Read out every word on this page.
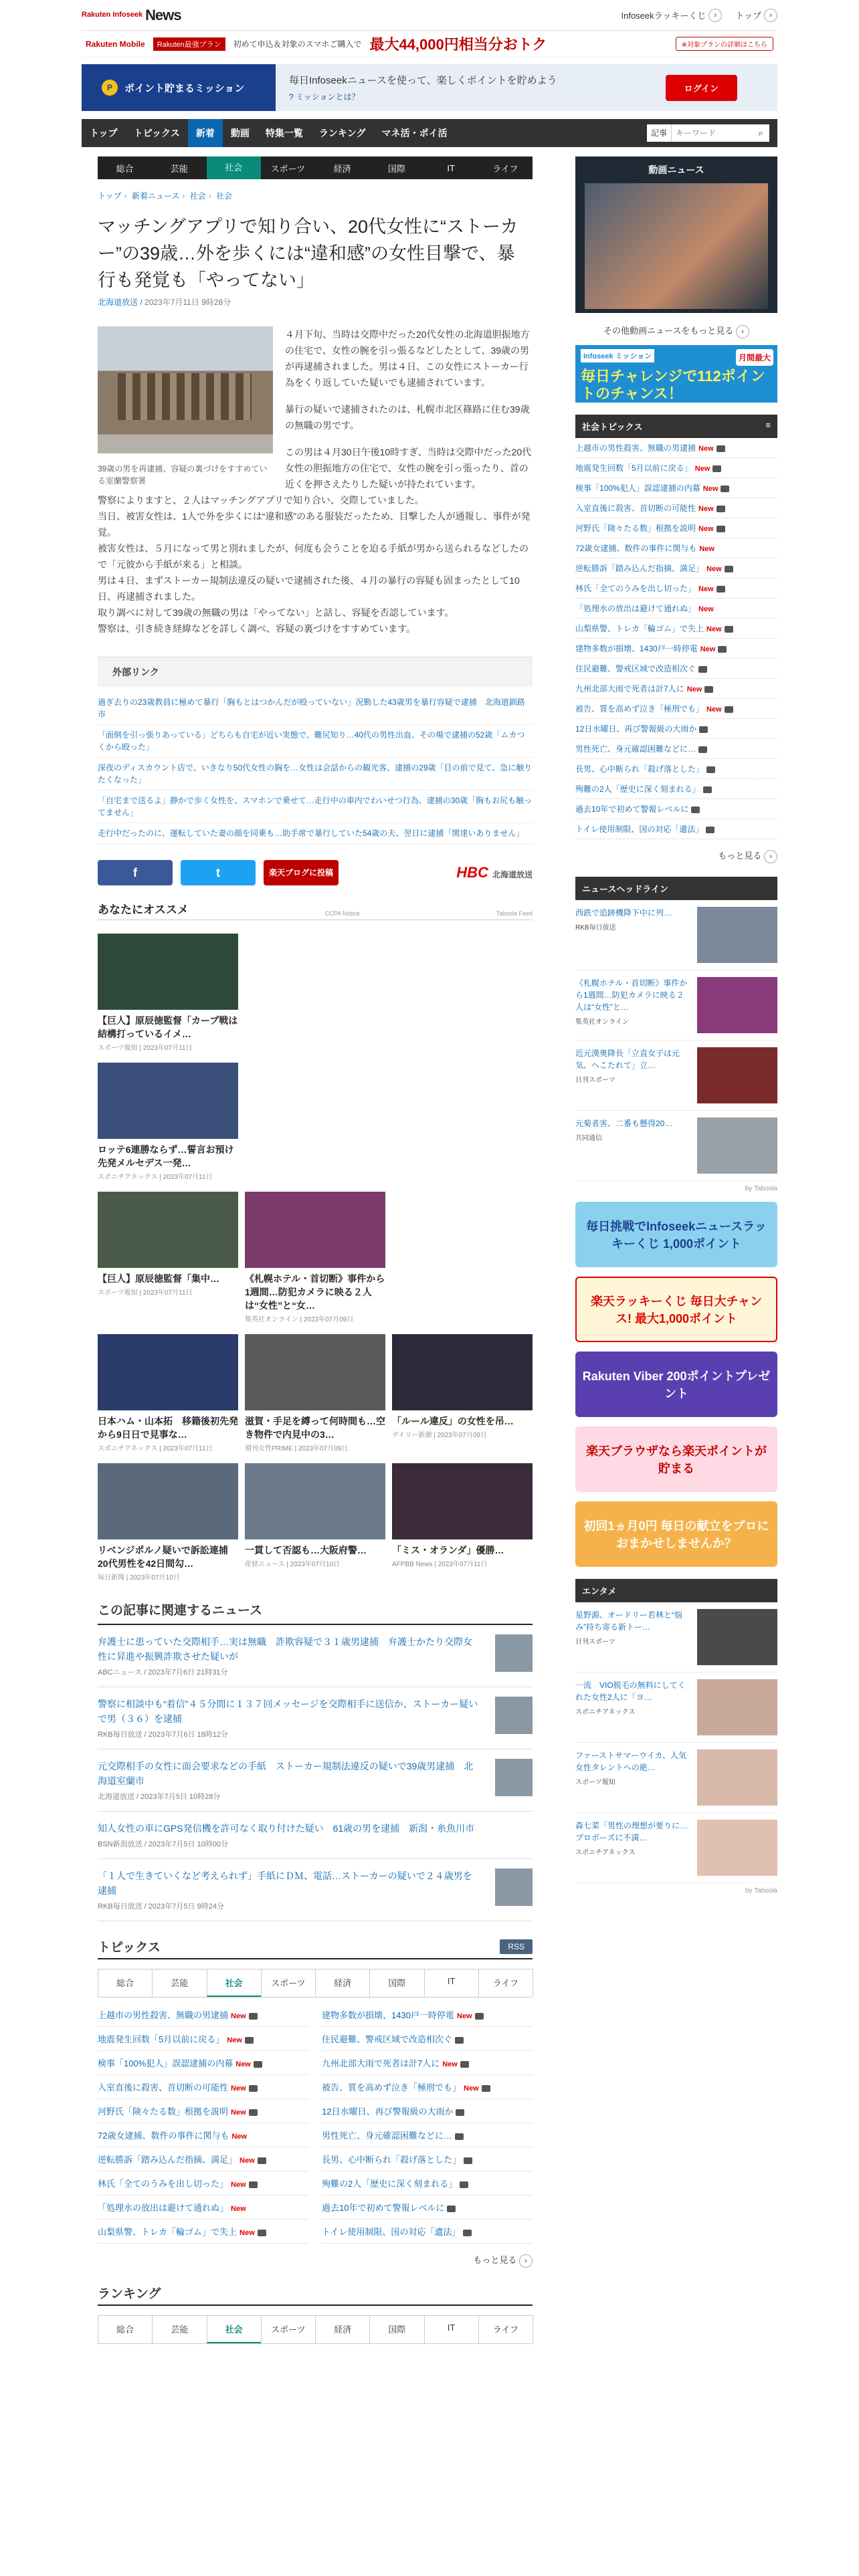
Rakuten Infoseek News	Infoseekラッキーくじ	›	トップ	›
Rakuten Mobile	Rakuten最強プラン	初めて申込＆対象のスマホご購入で 最大44,000円相当分おトク	※対象プランの詳細はこちら
P	ポイント貯まるミッション
毎日Infoseekニュースを使って、楽しくポイントを貯めよう
? ミッションとは？
ログイン
トップ	トピックス	新着	動画	特集一覧	ランキング	マネ活・ポイ活	記事
キーワード	⌕
総合	芸能	社会	スポーツ	経済	国際	IT	ライフ
トップ › 新着ニュース › 社会 › 社会
マッチングアプリで知り合い、20代女性に“ストーカー”の39歳…外を歩くには“違和感”の女性目撃で、暴行も発覚も「やってない」
北海道放送 / 2023年7月11日 9時28分
39歳の男を再逮捕、容疑の裏づけをすすめている室蘭警察署

４月下旬、当時は交際中だった20代女性の北海道胆振地方の住宅で、女性の腕を引っ張るなどしたとして、39歳の男が再逮捕されました。男は４日、この女性にストーカー行為をくり返していた疑いでも逮捕されています。

暴行の疑いで逮捕されたのは、札幌市北区篠路に住む39歳の無職の男です。

この男は４月30日午後10時すぎ、当時は交際中だった20代女性の胆振地方の住宅で、女性の腕を引っ張ったり、首の近くを押さえたりした疑いが持たれています。

警察によりますと、２人はマッチングアプリで知り合い、交際していました。

当日、被害女性は、1人で外を歩くには“違和感”のある服装だったため、目撃した人が通報し、事件が発覚。

被害女性は、５月になって男と別れましたが、何度も会うことを迫る手紙が男から送られるなどしたので「元彼から手紙が来る」と相談。

男は４日、まずストーカー規制法違反の疑いで逮捕された後、４月の暴行の容疑も固まったとして10日、再逮捕されました。

取り調べに対して39歳の無職の男は「やってない」と話し、容疑を否認しています。

警察は、引き続き経緯などを詳しく調べ、容疑の裏づけをすすめています。

外部リンク
過ぎ去りの23歳教員に極めて暴行「胸もとはつかんだが殴っていない」況勤した43歳男を暴行容疑で逮捕　北海道釧路市
「面倒を引っ張りあっている」どちらも自宅が近い実態で、難尻知り…40代の男性出血、その場で逮捕の52歳「ムカつくから殴った」
深夜のディスカウント店で、いきなり50代女性の胸を…女性は会話からの観光客、逮捕の29歳「目の前で見て、急に触りたくなった」
「自宅まで送るよ」静かで歩く女性を、スマホンで乗せて…走行中の車内でわいせつ行為、逮捕の30歳「胸もお尻も触ってません」
走行中だったのに、運転していた妻の顔を同乗も…助手席で暴行していた54歳の夫、翌日に逮捕「関達いありません」
f	t	楽天ブログに投稿	HBC 北海道放送
あなたにオススメ	CCPA Notice	Taboola Feed
【巨人】原辰徳監督「カープ戦は結構打っているイメ…
スポーツ報知 | 2023年07月11日
ロッテ6連勝ならず…誓言お預け　先発メルセデス一発…
スポニチアネックス | 2023年07月11日
【巨人】原辰徳監督「集中…
スポーツ報知 | 2023年07月11日
《札幌ホテル・首切断》事件から1週間…防犯カメラに映る２人は“女性”と“女…
集英社オンライン | 2023年07月09日
日本ハム・山本拓　移籍後初先発から9日日で見事な…
スポニチアネックス | 2023年07月11日
滋賀・手足を縛って何時間も…空き物件で内見中の3…
週刊女性PRIME | 2023年07月09日
「ルール違反」の女性を吊…
デイリー新潮 | 2023年07月09日
リベンジポルノ疑いで訴訟連捕　20代男性を42日間勾…
毎日新聞 | 2023年07月10日
一貫して否認も…大阪府警…
産経ニュース | 2023年07月10日
「ミス・オランダ」優勝…
AFPBB News | 2023年07月11日
この記事に関連するニュース
弁護士に患っていた交際相手…実は無職　詐欺容疑で３１歳男逮捕　弁護士かたり交際女性に昇進や振興詐欺させた疑いが
ABCニュース / 2023年7月6日 21時31分
警察に相談中も“着信”４５分間に１３７回メッセージを交際相手に送信か、ストーカー疑いで男（３６）を逮捕
RKB毎日放送 / 2023年7月6日 18時12分
元交際相手の女性に面会要求などの手紙　ストーカー規制法違反の疑いで39歳男逮捕　北海道室蘭市
北海道放送 / 2023年7月5日 10時28分
知人女性の車にGPS発信機を許可なく取り付けた疑い　61歳の男を逮捕　新潟・糸魚川市
BSN新潟放送 / 2023年7月5日 10時00分
「１人で生きていくなど考えられず」手紙にＤＭ、電話…ストーカーの疑いで２４歳男を逮捕
RKB毎日放送 / 2023年7月5日 9時24分
トピックス	RSS
総合	芸能	社会	スポーツ	経済	国際	IT	ライフ
上越市の男性殺害、無職の男逮捕 New	建物多数が損壊、1430戸一時停電 New
地震発生回数「5月以前に戻る」 New	住民避難、警戒区域で改造相次ぐ
検事「100%犯人」誤認逮捕の内幕 New	九州北部大雨で死者は計7人に New
入室直後に殺害、首切断の可能性 New	被告、質を高めず泣き「極刑でも」 New
河野氏「険々たる数」根拠を説明 New	12日水曜日、再び警報級の大雨か
72歳女逮捕、数件の事件に関与も New	男性死亡、身元確認困難などに…
逆転勝訴「踏み込んだ指摘、満足」 New	長男、心中断られ「殺げ落とした」
林氏「全てのうみを出し切った」 New	殉難の2人「歴史に深く刻まれる」
「処理水の放出は避けて通れぬ」 New	過去10年で初めて警報レベルに
山梨県警、トレカ「輪ゴム」で失上 New	トイレ使用制限、国の対応「遺法」
もっと見る ›
ランキング
総合	芸能	社会	スポーツ	経済	国際	IT	ライフ
動画ニュース
その他動画ニュースをもっと見る ›
Infoseek ミッション
毎日チャレンジで112ポイントのチャンス！
月間最大
社会トピックス	≡
上越市の男性殺害、無職の男逮捕 New
地震発生回数「5月以前に戻る」 New
検事「100%犯人」誤認逮捕の内幕 New
入室直後に殺害、首切断の可能性 New
河野氏「険々たる数」根拠を説明 New
72歳女逮捕、数件の事件に関与も New
逆転勝訴「踏み込んだ指摘、満足」 New
林氏「全てのうみを出し切った」 New
「処理水の放出は避けて通れぬ」 New
山梨県警、トレカ「輪ゴム」で失上 New
建物多数が損壊、1430戸一時停電 New
住民避難、警戒区域で改造相次ぐ
九州北部大雨で死者は計7人に New
被告、質を高めず泣き「極刑でも」 New
12日水曜日、再び警報級の大雨か
男性死亡、身元確認困難などに…
長男、心中断られ「殺げ落とした」
殉難の2人「歴史に深く刻まれる」
過去10年で初めて警報レベルに
トイレ使用制限、国の対応「遺法」
もっと見る ›
ニュースヘッドライン
西鉄で追跡機降下中に列…
RKB毎日放送
《札幌ホテル・首切断》事件から1週間…防犯カメラに映る２人は“女性”と…
集英社オンライン
近元漢奥降長「立直女子は元気、ヘこたれて」立…
日刊スポーツ
元菊者害、二番も懸得20…
共同通信
by Taboola
毎日挑戦でInfoseekニュースラッキーくじ 1,000ポイント
楽天ラッキーくじ 毎日大チャンス! 最大1,000ポイント
Rakuten Viber 200ポイントプレゼント
楽天ブラウザなら楽天ポイントが貯まる
初回1ヵ月0円 毎日の献立をプロにおまかせしませんか？
エンタメ
星野源、オードリー若林と“悩み”持ち寄る新トー…
日刊スポーツ
一流　VIO脱毛の無料にしてくれた女性2人に「ヨ…
スポニチアネックス
ファーストサマーウイカ、人気女性タレントへの絶…
スポーツ報知
森七菜「男性の理想が要りに…プロボーズに不満…
スポニチアネックス
by Taboola
